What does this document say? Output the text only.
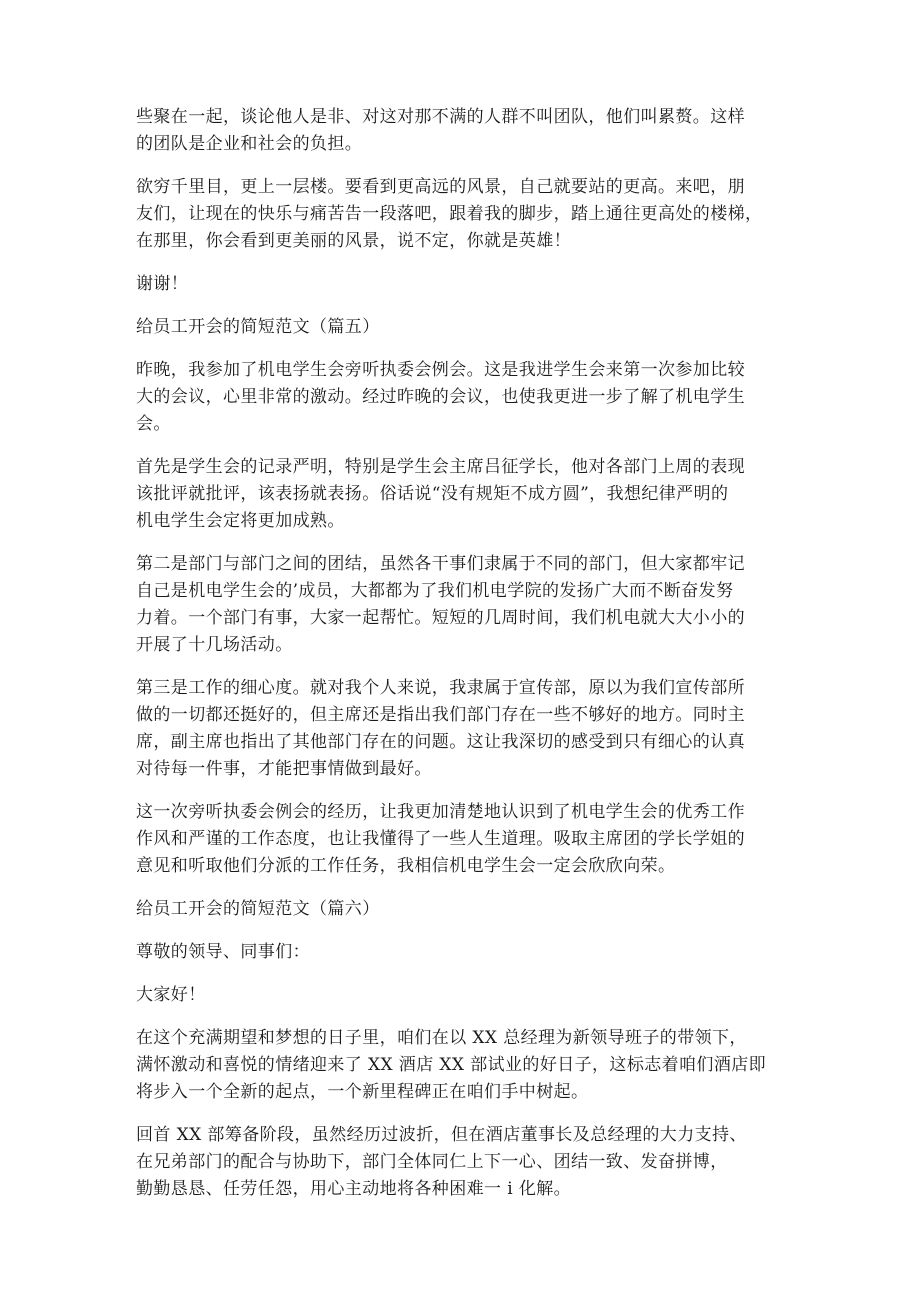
些聚在一起，谈论他人是非、对这对那不满的人群不叫团队，他们叫累赘。这样
的团队是企业和社会的负担。
欲穷千里目，更上一层楼。要看到更高远的风景，自己就要站的更高。来吧，朋
友们，让现在的快乐与痛苦告一段落吧，跟着我的脚步，踏上通往更高处的楼梯，
在那里，你会看到更美丽的风景，说不定，你就是英雄！
谢谢！
给员工开会的简短范文（篇五）
昨晚，我参加了机电学生会旁听执委会例会。这是我进学生会来第一次参加比较
大的会议，心里非常的激动。经过昨晚的会议，也使我更进一步了解了机电学生
会。
首先是学生会的记录严明，特别是学生会主席吕征学长，他对各部门上周的表现
该批评就批评，该表扬就表扬。俗话说“没有规矩不成方圆”，我想纪律严明的
机电学生会定将更加成熟。
第二是部门与部门之间的团结，虽然各干事们隶属于不同的部门，但大家都牢记
自己是机电学生会的’成员，大都都为了我们机电学院的发扬广大而不断奋发努
力着。一个部门有事，大家一起帮忙。短短的几周时间，我们机电就大大小小的
开展了十几场活动。
第三是工作的细心度。就对我个人来说，我隶属于宣传部，原以为我们宣传部所
做的一切都还挺好的，但主席还是指出我们部门存在一些不够好的地方。同时主
席，副主席也指出了其他部门存在的问题。这让我深切的感受到只有细心的认真
对待每一件事，才能把事情做到最好。
这一次旁听执委会例会的经历，让我更加清楚地认识到了机电学生会的优秀工作
作风和严谨的工作态度，也让我懂得了一些人生道理。吸取主席团的学长学姐的
意见和听取他们分派的工作任务，我相信机电学生会一定会欣欣向荣。
给员工开会的简短范文（篇六）
尊敬的领导、同事们：
大家好！
在这个充满期望和梦想的日子里，咱们在以 XX 总经理为新领导班子的带领下，
满怀激动和喜悦的情绪迎来了 XX 酒店 XX 部试业的好日子，这标志着咱们酒店即
将步入一个全新的起点，一个新里程碑正在咱们手中树起。
回首 XX 部筹备阶段，虽然经历过波折，但在酒店董事长及总经理的大力支持、
在兄弟部门的配合与协助下，部门全体同仁上下一心、团结一致、发奋拼博，
勤勤恳恳、任劳任怨，用心主动地将各种困难一 i 化解。
